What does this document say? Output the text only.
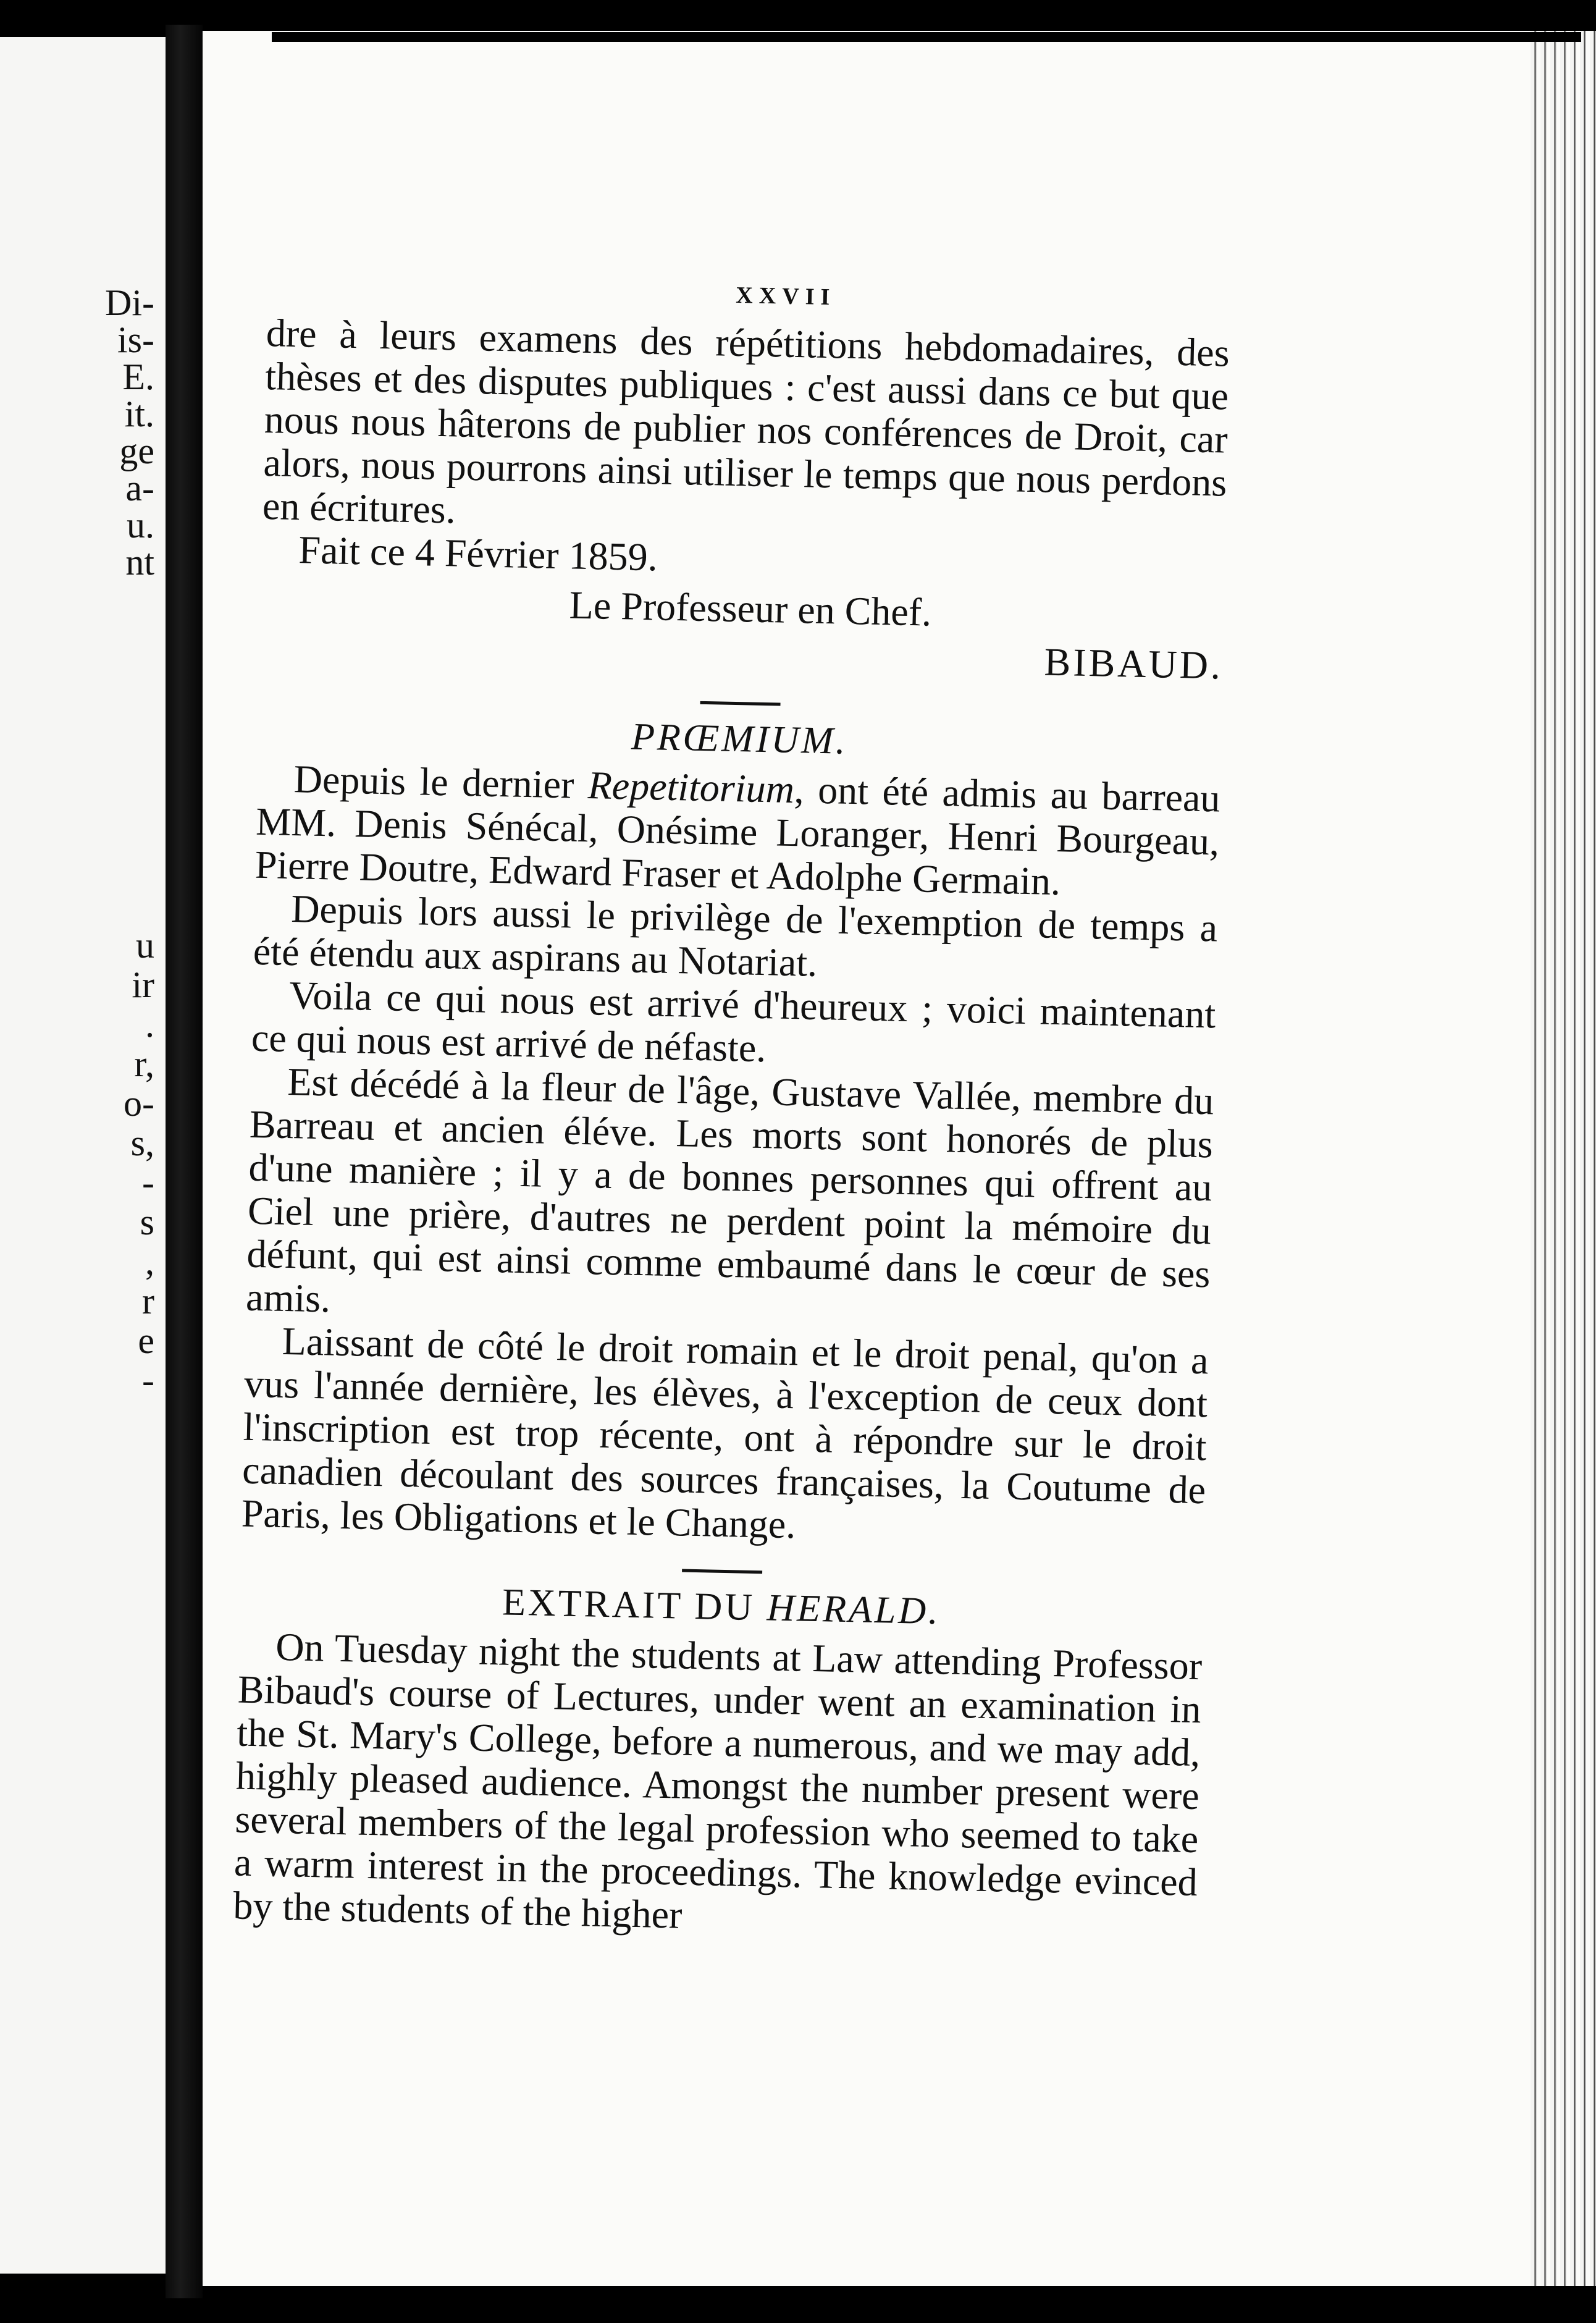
Di-
is-
E.
it.
ge
a-
u.
nt
u
ir
.
r,
o-
s,
-
s
,
r
e
-
XXVII

dre à leurs examens des répétitions hebdomadaires, des thèses et des disputes publiques : c'est aussi dans ce but que nous nous hâterons de publier nos conférences de Droit, car alors, nous pourrons ainsi utiliser le temps que nous perdons en écritures.

Fait ce 4 Février 1859.

Le Professeur en Chef.

BIBAUD.

PRŒMIUM.

Depuis le dernier Repetitorium, ont été admis au barreau MM. Denis Sénécal, Onésime Loranger, Henri Bourgeau, Pierre Doutre, Edward Fraser et Adolphe Germain.

Depuis lors aussi le privilège de l'exemption de temps a été étendu aux aspirans au Notariat.

Voila ce qui nous est arrivé d'heureux ; voici maintenant ce qui nous est arrivé de néfaste.

Est décédé à la fleur de l'âge, Gustave Vallée, membre du Barreau et ancien éléve. Les morts sont honorés de plus d'une manière ; il y a de bonnes personnes qui offrent au Ciel une prière, d'autres ne perdent point la mémoire du défunt, qui est ainsi comme embaumé dans le cœur de ses amis.

Laissant de côté le droit romain et le droit penal, qu'on a vus l'année dernière, les élèves, à l'exception de ceux dont l'inscription est trop récente, ont à répondre sur le droit canadien découlant des sources françaises, la Coutume de Paris, les Obligations et le Change.

EXTRAIT DU HERALD.

On Tuesday night the students at Law attending Professor Bibaud's course of Lectures, under went an examination in the St. Mary's College, before a numerous, and we may add, highly pleased audience. Amongst the number present were several members of the legal profession who seemed to take a warm interest in the proceedings. The knowledge evinced by the students of the higher
